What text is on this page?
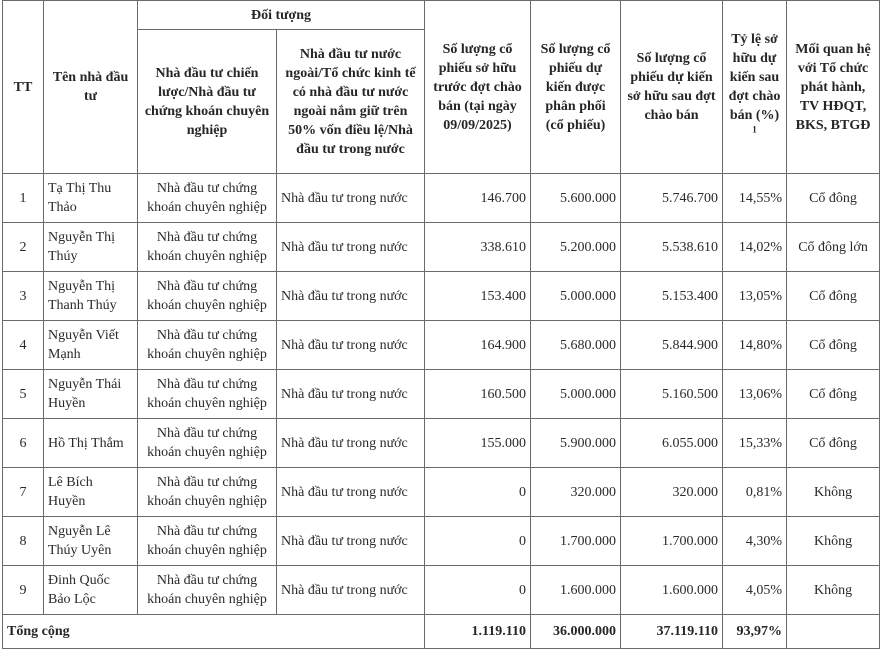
TT	Tên nhà đầu tư	Đối tượng		Số lượng cổ phiếu sở hữu trước đợt chào bán (tại ngày 09/09/2025)	Số lượng cổ phiếu dự kiến được phân phối (cổ phiếu)	Số lượng cổ phiếu dự kiến sở hữu sau đợt chào bán	Tỷ lệ sở hữu dự kiến sau đợt chào bán (%) $^1$	Mối quan hệ với Tổ chức phát hành, TV HĐQT, BKS, BTGĐ
		Nhà đầu tư chiến lược/Nhà đầu tư chứng khoán chuyên nghiệp	Nhà đầu tư nước ngoài/Tổ chức kinh tế có nhà đầu tư nước ngoài nắm giữ trên 50% vốn điều lệ/Nhà đầu tư trong nước					
1	Tạ Thị Thu Thảo	Nhà đầu tư chứng khoán chuyên nghiệp	Nhà đầu tư trong nước	146.700	5.600.000	5.746.700	14,55%	Cổ đông
2	Nguyễn Thị Thúy	Nhà đầu tư chứng khoán chuyên nghiệp	Nhà đầu tư trong nước	338.610	5.200.000	5.538.610	14,02%	Cổ đông lớn
3	Nguyễn Thị Thanh Thúy	Nhà đầu tư chứng khoán chuyên nghiệp	Nhà đầu tư trong nước	153.400	5.000.000	5.153.400	13,05%	Cổ đông
4	Nguyễn Viết Mạnh	Nhà đầu tư chứng khoán chuyên nghiệp	Nhà đầu tư trong nước	164.900	5.680.000	5.844.900	14,80%	Cổ đông
5	Nguyễn Thái Huyền	Nhà đầu tư chứng khoán chuyên nghiệp	Nhà đầu tư trong nước	160.500	5.000.000	5.160.500	13,06%	Cổ đông
6	Hồ Thị Thắm	Nhà đầu tư chứng khoán chuyên nghiệp	Nhà đầu tư trong nước	155.000	5.900.000	6.055.000	15,33%	Cổ đông
7	Lê Bích Huyền	Nhà đầu tư chứng khoán chuyên nghiệp	Nhà đầu tư trong nước	0	320.000	320.000	0,81%	Không
8	Nguyễn Lê Thúy Uyên	Nhà đầu tư chứng khoán chuyên nghiệp	Nhà đầu tư trong nước	0	1.700.000	1.700.000	4,30%	Không
9	Đinh Quốc Bảo Lộc	Nhà đầu tư chứng khoán chuyên nghiệp	Nhà đầu tư trong nước	0	1.600.000	1.600.000	4,05%	Không
Tổng cộng				1.119.110	36.000.000	37.119.110	93,97%	
